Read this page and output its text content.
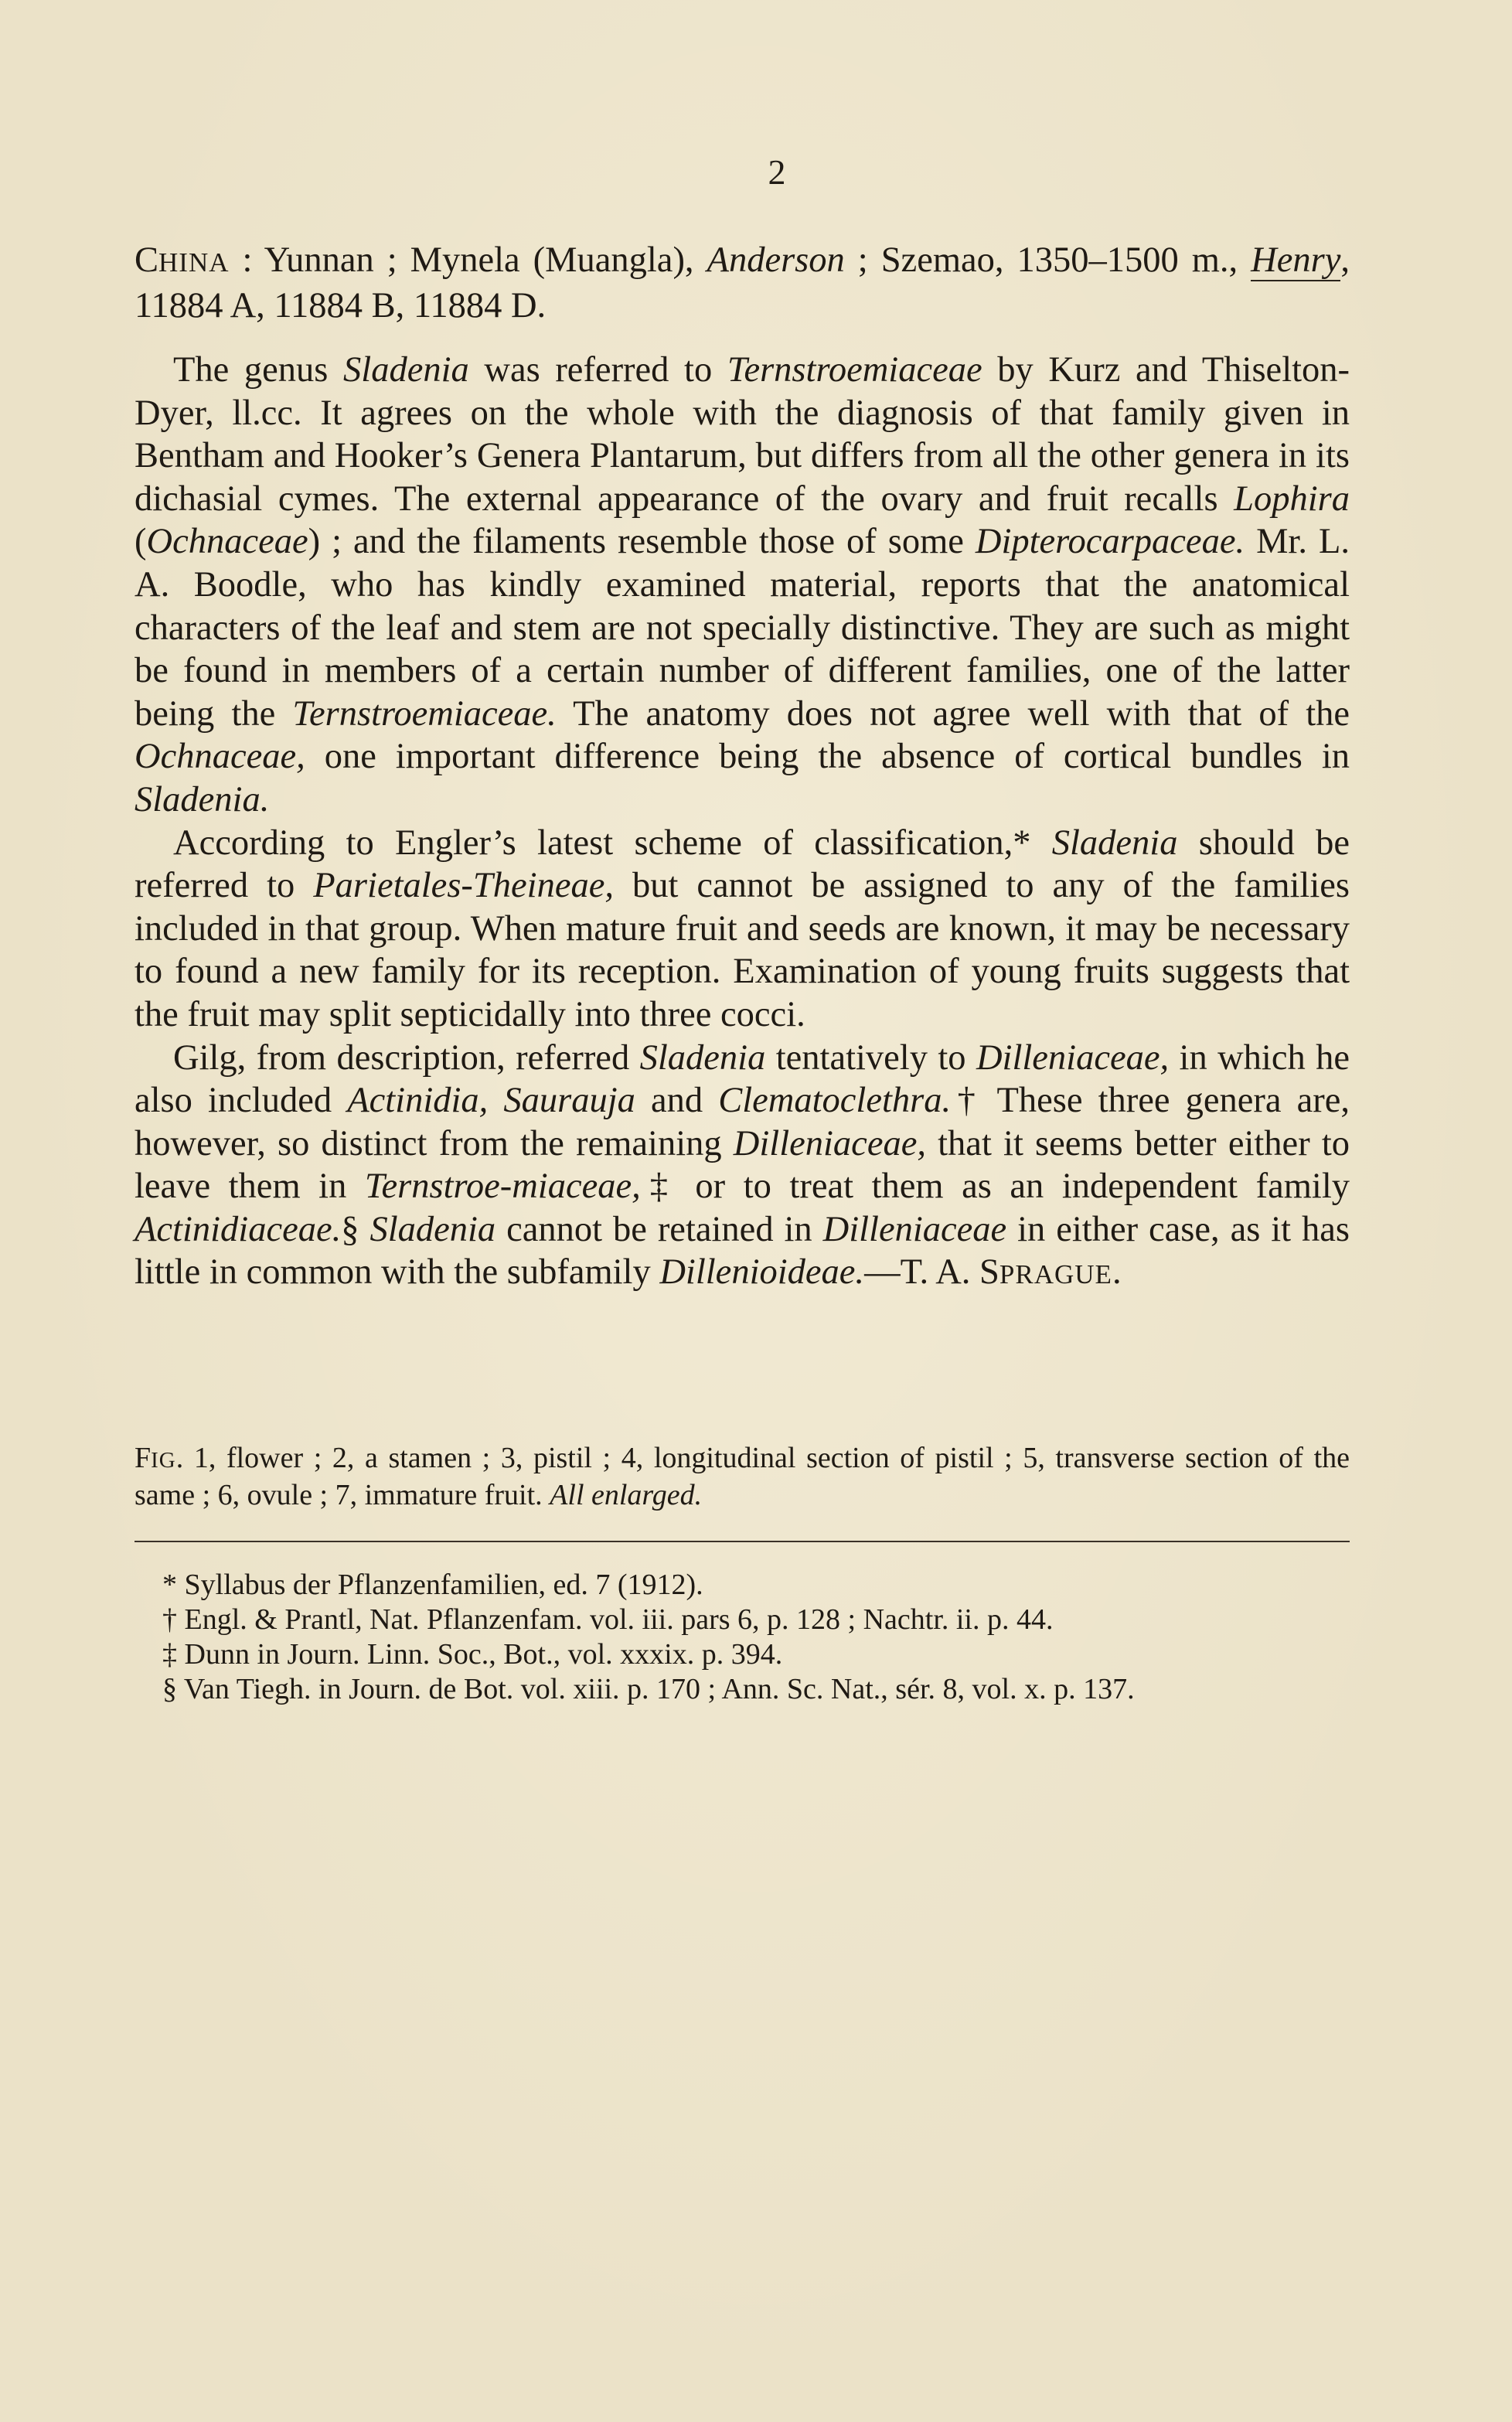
2

CHINA : Yunnan ; Mynela (Muangla), Anderson ; Szemao, 1350–1500 m., Henry, 11884 A, 11884 B, 11884 D.

The genus Sladenia was referred to Ternstroemiaceae by Kurz and Thiselton-Dyer, ll.cc. It agrees on the whole with the diagnosis of that family given in Bentham and Hooker’s Genera Plantarum, but differs from all the other genera in its dichasial cymes. The external appearance of the ovary and fruit recalls Lophira (Ochnaceae) ; and the filaments resemble those of some Dipterocarpaceae. Mr. L. A. Boodle, who has kindly examined material, reports that the anatomical characters of the leaf and stem are not specially distinctive. They are such as might be found in members of a certain number of different families, one of the latter being the Ternstroemiaceae. The anatomy does not agree well with that of the Ochnaceae, one important difference being the absence of cortical bundles in Sladenia.

According to Engler’s latest scheme of classification,* Sladenia should be referred to Parietales-Theineae, but cannot be assigned to any of the families included in that group. When mature fruit and seeds are known, it may be necessary to found a new family for its reception. Examination of young fruits suggests that the fruit may split septicidally into three cocci.

Gilg, from description, referred Sladenia tentatively to Dilleniaceae, in which he also included Actinidia, Saurauja and Clematoclethra.† These three genera are, however, so distinct from the remaining Dilleniaceae, that it seems better either to leave them in Ternstroe-miaceae,‡ or to treat them as an independent family Actinidiaceae.§ Sladenia cannot be retained in Dilleniaceae in either case, as it has little in common with the subfamily Dillenioideae.—T. A. SPRAGUE.

FIG. 1, flower ; 2, a stamen ; 3, pistil ; 4, longitudinal section of pistil ; 5, transverse section of the same ; 6, ovule ; 7, immature fruit. All enlarged.

* Syllabus der Pflanzenfamilien, ed. 7 (1912).

† Engl. & Prantl, Nat. Pflanzenfam. vol. iii. pars 6, p. 128 ; Nachtr. ii. p. 44.

‡ Dunn in Journ. Linn. Soc., Bot., vol. xxxix. p. 394.

§ Van Tiegh. in Journ. de Bot. vol. xiii. p. 170 ; Ann. Sc. Nat., sér. 8, vol. x. p. 137.
